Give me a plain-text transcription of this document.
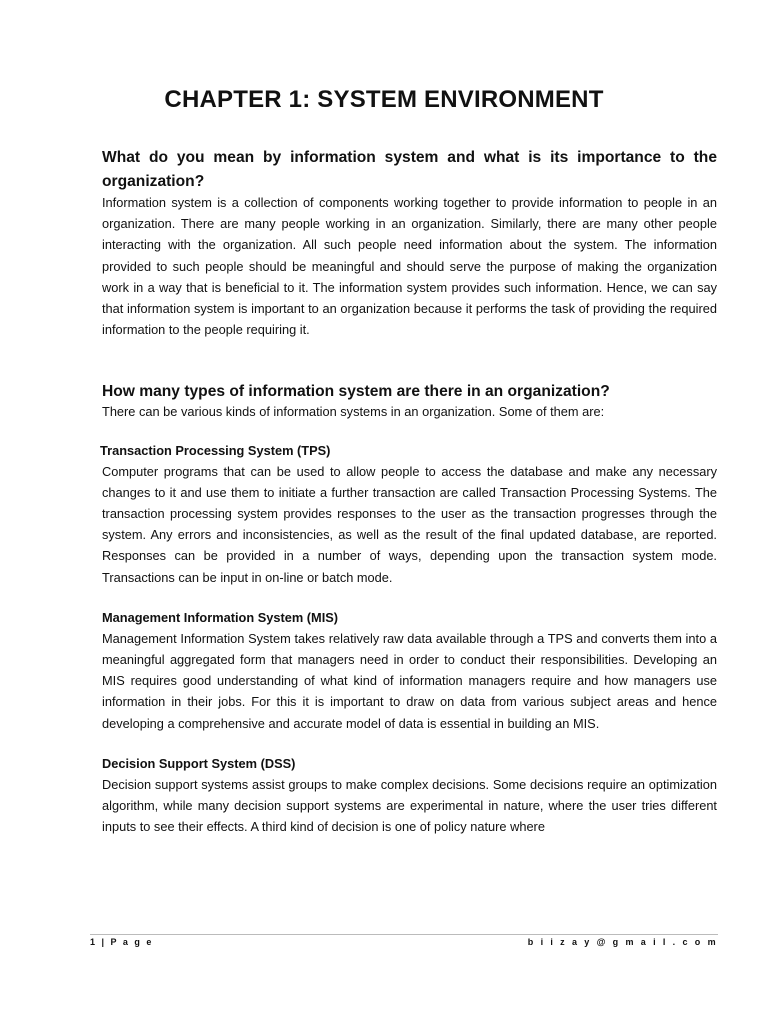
CHAPTER 1: SYSTEM ENVIRONMENT
What do you mean by information system and what is its importance to the organization?

Information system is a collection of components working together to provide information to people in an organization. There are many people working in an organization. Similarly, there are many other people interacting with the organization. All such people need information about the system. The information provided to such people should be meaningful and should serve the purpose of making the organization work in a way that is beneficial to it. The information system provides such information. Hence, we can say that information system is important to an organization because it performs the task of providing the required information to the people requiring it.

How many types of information system are there in an organization?

There can be various kinds of information systems in an organization. Some of them are:

Transaction Processing System (TPS)

Computer programs that can be used to allow people to access the database and make any necessary changes to it and use them to initiate a further transaction are called Transaction Processing Systems. The transaction processing system provides responses to the user as the transaction progresses through the system. Any errors and inconsistencies, as well as the result of the final updated database, are reported. Responses can be provided in a number of ways, depending upon the transaction system mode. Transactions can be input in on-line or batch mode.

Management Information System (MIS)

Management Information System takes relatively raw data available through a TPS and converts them into a meaningful aggregated form that managers need in order to conduct their responsibilities. Developing an MIS requires good understanding of what kind of information managers require and how managers use information in their jobs. For this it is important to draw on data from various subject areas and hence developing a comprehensive and accurate model of data is essential in building an MIS.

Decision Support System (DSS)

Decision support systems assist groups to make complex decisions. Some decisions require an optimization algorithm, while many decision support systems are experimental in nature, where the user tries different inputs to see their effects. A third kind of decision is one of policy nature where

1 | P a g e	b i i z a y @ g m a i l . c o m
